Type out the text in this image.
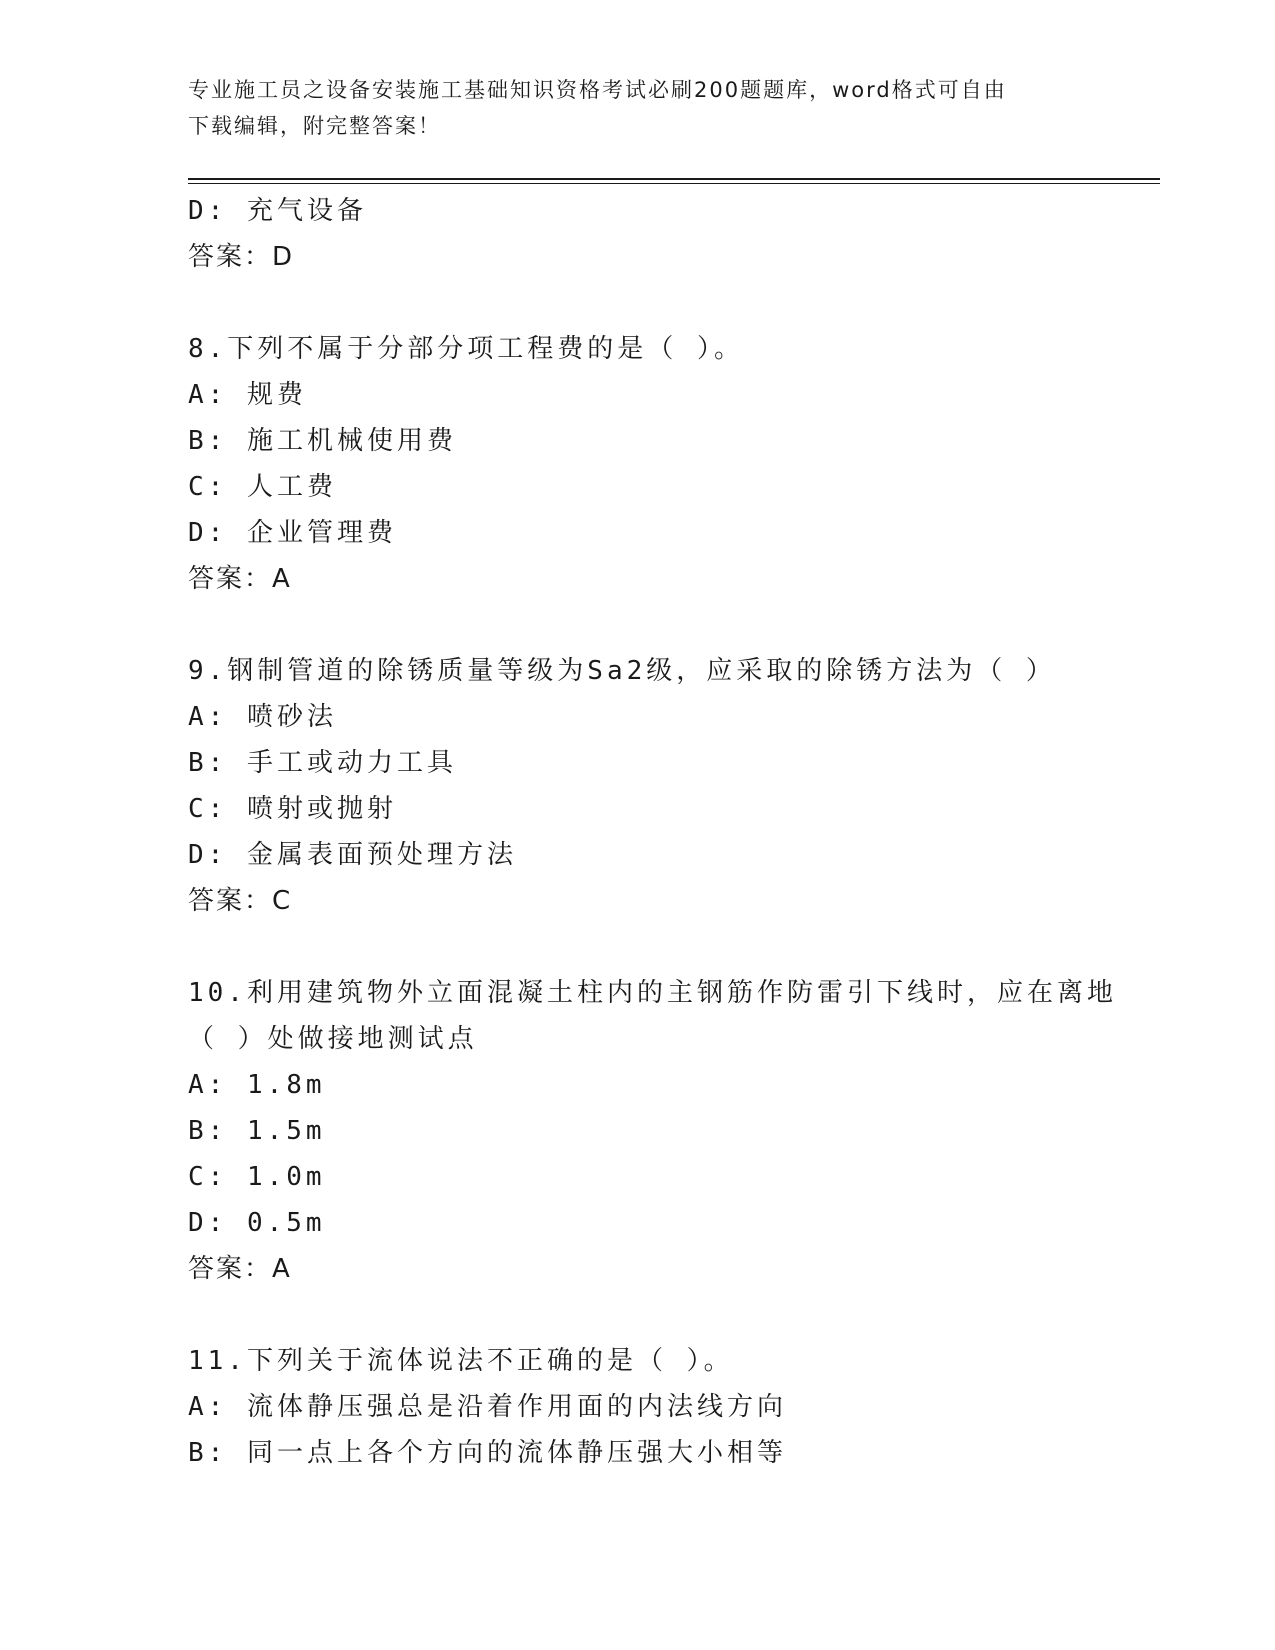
专业施工员之设备安装施工基础知识资格考试必刷200题题库，word格式可自由
下载编辑，附完整答案！
D: 充气设备
答案：D
8.下列不属于分部分项工程费的是（ ）。
A: 规费
B: 施工机械使用费
C: 人工费
D: 企业管理费
答案：A
9.钢制管道的除锈质量等级为Sa2级，应采取的除锈方法为（ ）
A: 喷砂法
B: 手工或动力工具
C: 喷射或抛射
D: 金属表面预处理方法
答案：C
10.利用建筑物外立面混凝土柱内的主钢筋作防雷引下线时，应在离地
（ ）处做接地测试点
A: 1.8m
B: 1.5m
C: 1.0m
D: 0.5m
答案：A
11.下列关于流体说法不正确的是（ ）。
A: 流体静压强总是沿着作用面的内法线方向
B: 同一点上各个方向的流体静压强大小相等
